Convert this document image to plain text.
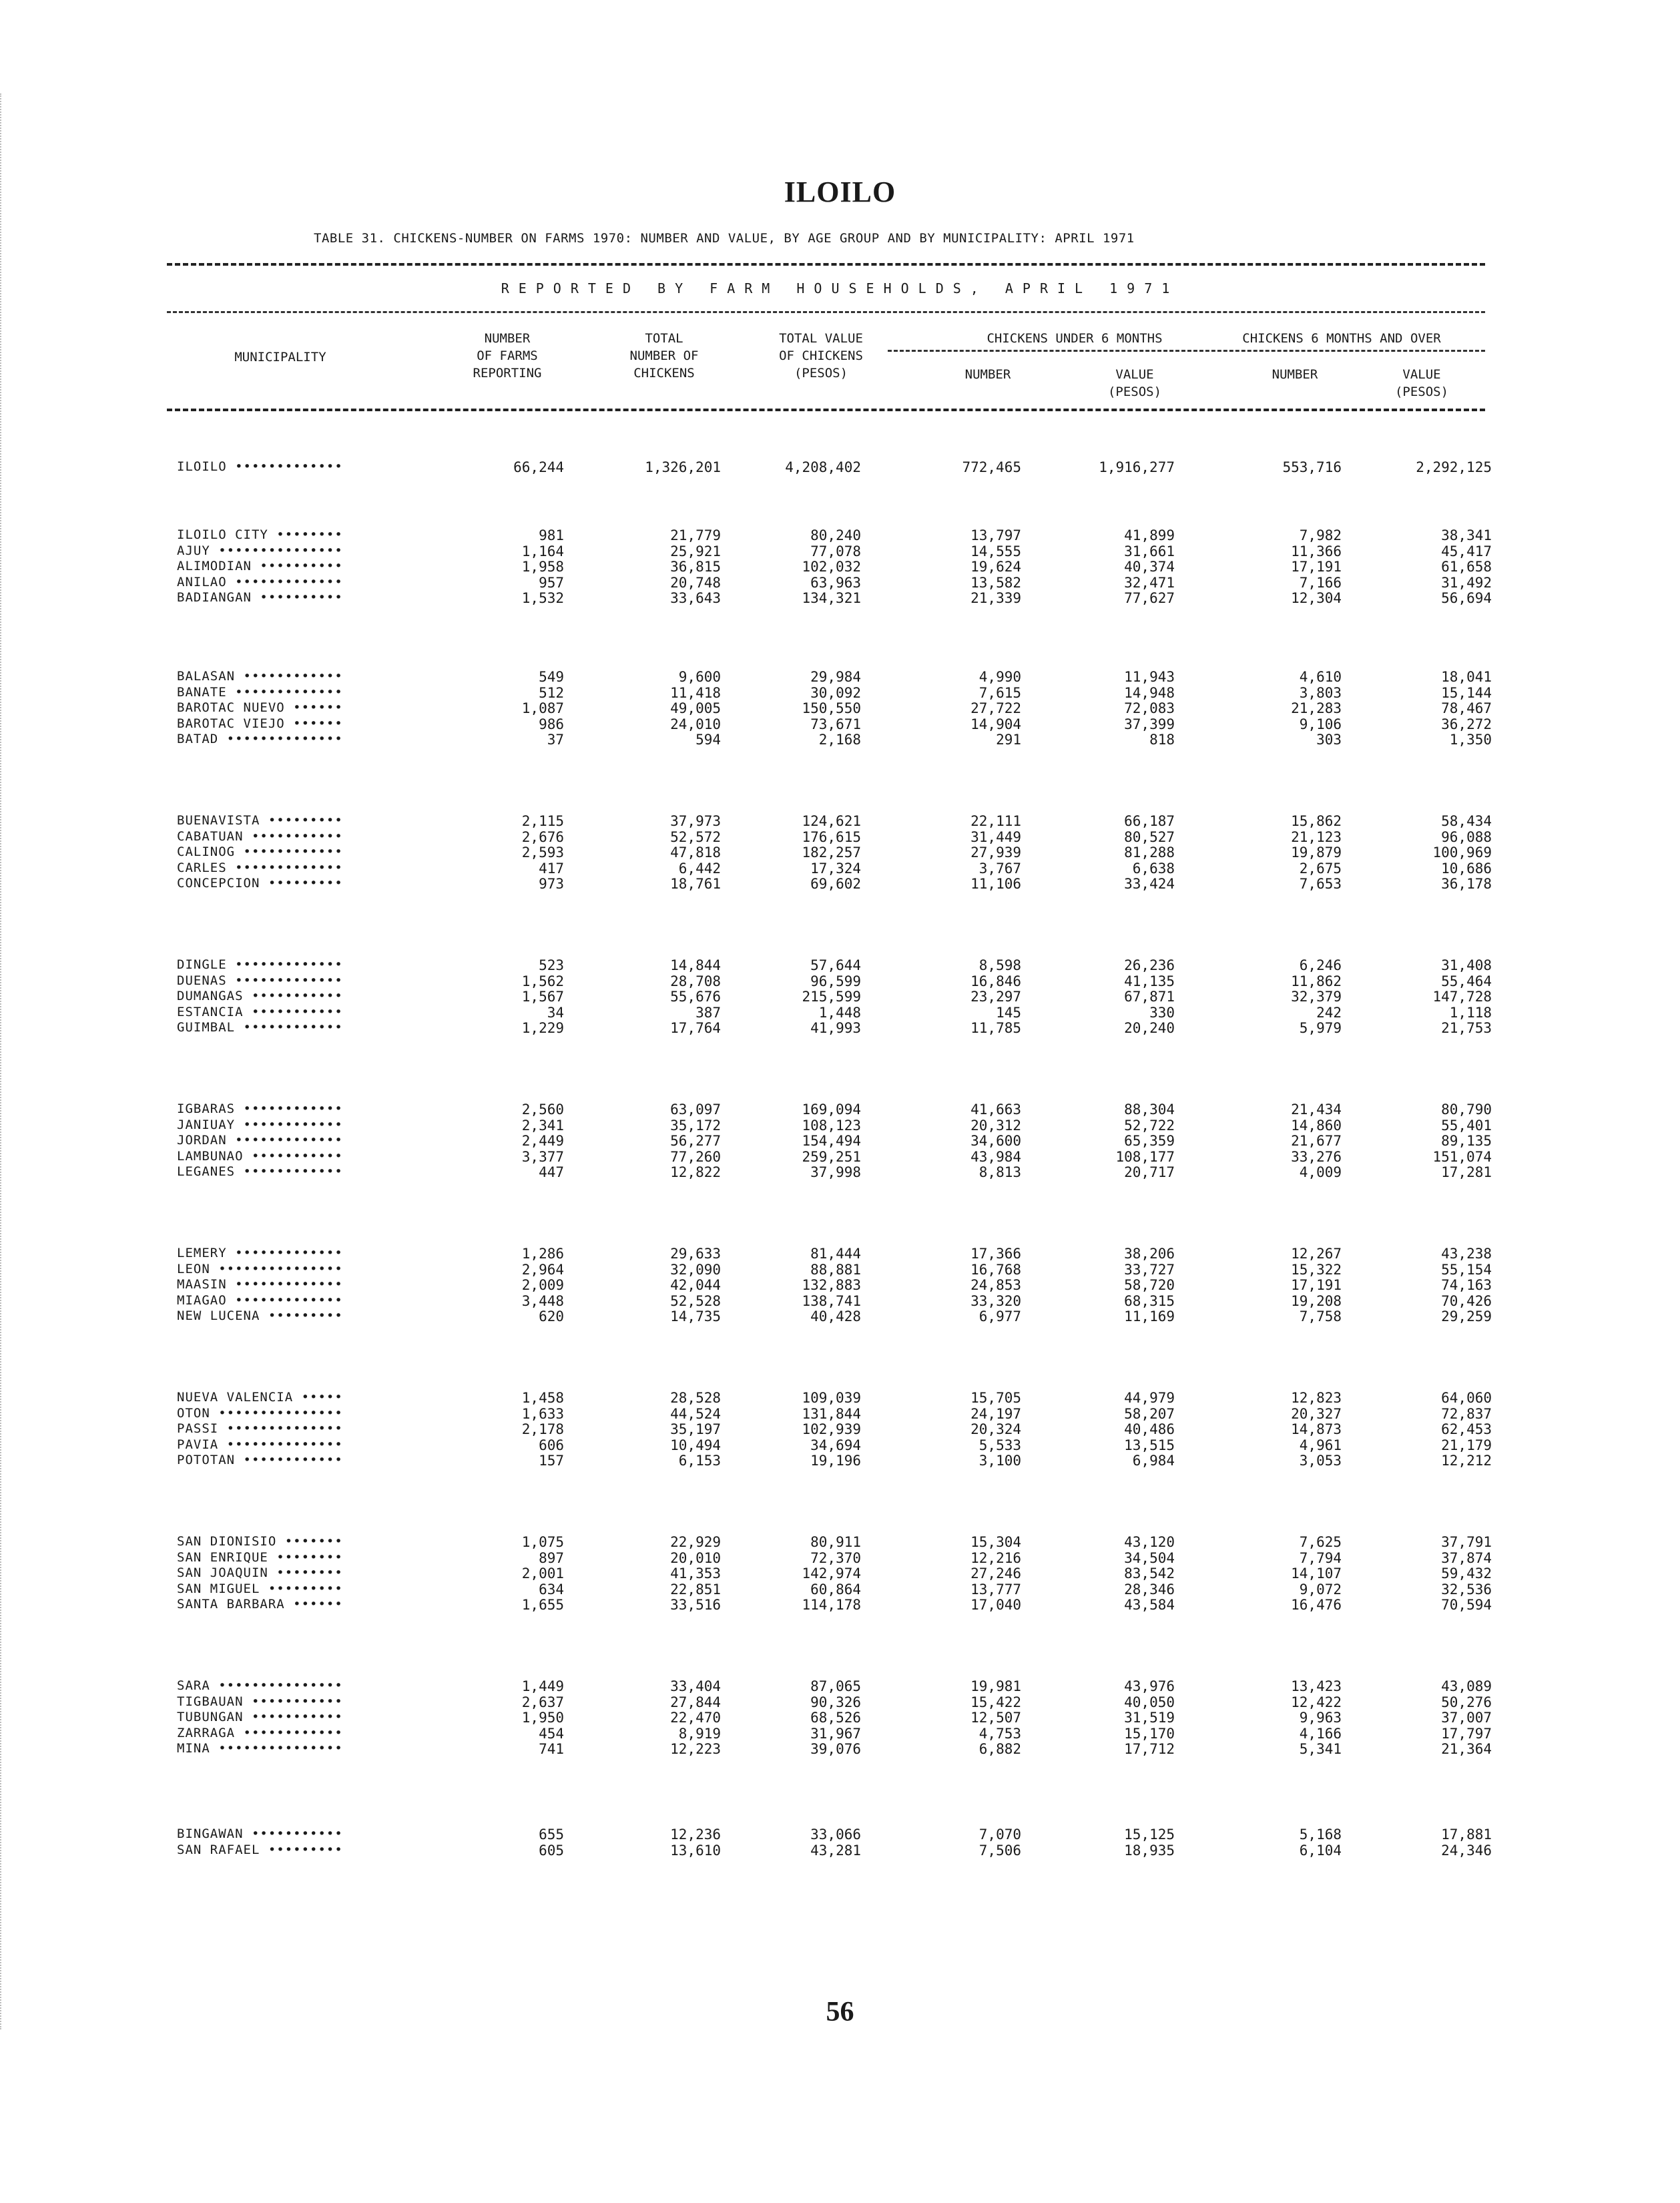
ILOILO
TABLE 31. CHICKENS-NUMBER ON FARMS 1970: NUMBER AND VALUE, BY AGE GROUP AND BY MUNICIPALITY: APRIL 1971
REPORTED BY FARM HOUSEHOLDS, APRIL 1971
MUNICIPALITY
NUMBER
OF FARMS
REPORTING
TOTAL
NUMBER OF
CHICKENS
TOTAL VALUE
OF CHICKENS
(PESOS)
CHICKENS UNDER 6 MONTHS	CHICKENS 6 MONTHS AND OVER
NUMBER	VALUE
(PESOS)
NUMBER	VALUE
(PESOS)
ILOILO •••••••••••••	66,244	1,326,201	4,208,402	772,465	1,916,277	553,716	2,292,125
ILOILO CITY ••••••••	981	21,779	80,240	13,797	41,899	7,982	38,341
AJUY •••••••••••••••	1,164	25,921	77,078	14,555	31,661	11,366	45,417
ALIMODIAN ••••••••••	1,958	36,815	102,032	19,624	40,374	17,191	61,658
ANILAO •••••••••••••	957	20,748	63,963	13,582	32,471	7,166	31,492
BADIANGAN ••••••••••	1,532	33,643	134,321	21,339	77,627	12,304	56,694
BALASAN ••••••••••••	549	9,600	29,984	4,990	11,943	4,610	18,041
BANATE •••••••••••••	512	11,418	30,092	7,615	14,948	3,803	15,144
BAROTAC NUEVO ••••••	1,087	49,005	150,550	27,722	72,083	21,283	78,467
BAROTAC VIEJO ••••••	986	24,010	73,671	14,904	37,399	9,106	36,272
BATAD ••••••••••••••	37	594	2,168	291	818	303	1,350
BUENAVISTA •••••••••	2,115	37,973	124,621	22,111	66,187	15,862	58,434
CABATUAN •••••••••••	2,676	52,572	176,615	31,449	80,527	21,123	96,088
CALINOG ••••••••••••	2,593	47,818	182,257	27,939	81,288	19,879	100,969
CARLES •••••••••••••	417	6,442	17,324	3,767	6,638	2,675	10,686
CONCEPCION •••••••••	973	18,761	69,602	11,106	33,424	7,653	36,178
DINGLE •••••••••••••	523	14,844	57,644	8,598	26,236	6,246	31,408
DUENAS •••••••••••••	1,562	28,708	96,599	16,846	41,135	11,862	55,464
DUMANGAS •••••••••••	1,567	55,676	215,599	23,297	67,871	32,379	147,728
ESTANCIA •••••••••••	34	387	1,448	145	330	242	1,118
GUIMBAL ••••••••••••	1,229	17,764	41,993	11,785	20,240	5,979	21,753
IGBARAS ••••••••••••	2,560	63,097	169,094	41,663	88,304	21,434	80,790
JANIUAY ••••••••••••	2,341	35,172	108,123	20,312	52,722	14,860	55,401
JORDAN •••••••••••••	2,449	56,277	154,494	34,600	65,359	21,677	89,135
LAMBUNAO •••••••••••	3,377	77,260	259,251	43,984	108,177	33,276	151,074
LEGANES ••••••••••••	447	12,822	37,998	8,813	20,717	4,009	17,281
LEMERY •••••••••••••	1,286	29,633	81,444	17,366	38,206	12,267	43,238
LEON •••••••••••••••	2,964	32,090	88,881	16,768	33,727	15,322	55,154
MAASIN •••••••••••••	2,009	42,044	132,883	24,853	58,720	17,191	74,163
MIAGAO •••••••••••••	3,448	52,528	138,741	33,320	68,315	19,208	70,426
NEW LUCENA •••••••••	620	14,735	40,428	6,977	11,169	7,758	29,259
NUEVA VALENCIA •••••	1,458	28,528	109,039	15,705	44,979	12,823	64,060
OTON •••••••••••••••	1,633	44,524	131,844	24,197	58,207	20,327	72,837
PASSI ••••••••••••••	2,178	35,197	102,939	20,324	40,486	14,873	62,453
PAVIA ••••••••••••••	606	10,494	34,694	5,533	13,515	4,961	21,179
POTOTAN ••••••••••••	157	6,153	19,196	3,100	6,984	3,053	12,212
SAN DIONISIO •••••••	1,075	22,929	80,911	15,304	43,120	7,625	37,791
SAN ENRIQUE ••••••••	897	20,010	72,370	12,216	34,504	7,794	37,874
SAN JOAQUIN ••••••••	2,001	41,353	142,974	27,246	83,542	14,107	59,432
SAN MIGUEL •••••••••	634	22,851	60,864	13,777	28,346	9,072	32,536
SANTA BARBARA ••••••	1,655	33,516	114,178	17,040	43,584	16,476	70,594
SARA •••••••••••••••	1,449	33,404	87,065	19,981	43,976	13,423	43,089
TIGBAUAN •••••••••••	2,637	27,844	90,326	15,422	40,050	12,422	50,276
TUBUNGAN •••••••••••	1,950	22,470	68,526	12,507	31,519	9,963	37,007
ZARRAGA ••••••••••••	454	8,919	31,967	4,753	15,170	4,166	17,797
MINA •••••••••••••••	741	12,223	39,076	6,882	17,712	5,341	21,364
BINGAWAN •••••••••••	655	12,236	33,066	7,070	15,125	5,168	17,881
SAN RAFAEL •••••••••	605	13,610	43,281	7,506	18,935	6,104	24,346
56
